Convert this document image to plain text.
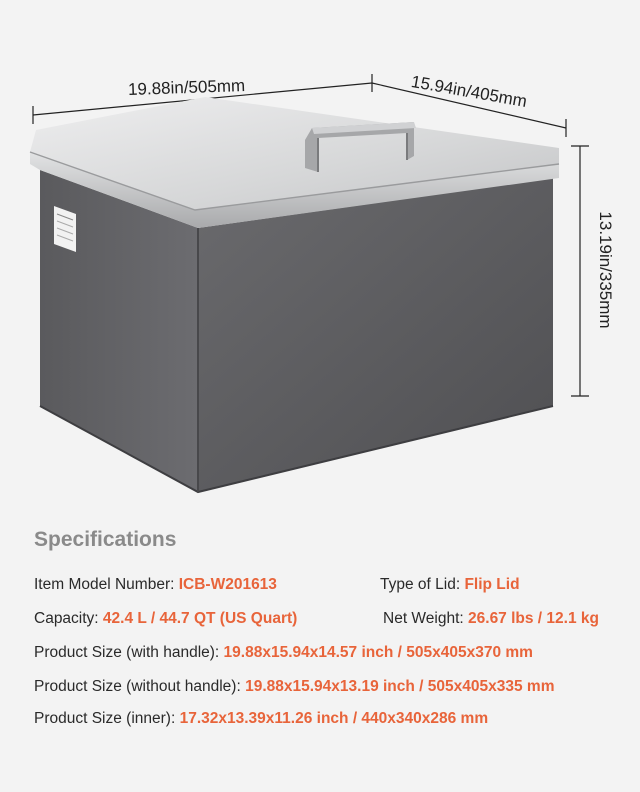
19.88in/505mm	15.94in/405mm
13.19in/335mm
Specifications
Item Model Number: ICB-W201613	Type of Lid: Flip Lid
Capacity: 42.4 L / 44.7 QT (US Quart)	Net Weight: 26.67 lbs / 12.1 kg
Product Size (with handle): 19.88x15.94x14.57 inch / 505x405x370 mm
Product Size (without handle): 19.88x15.94x13.19 inch / 505x405x335 mm
Product Size (inner): 17.32x13.39x11.26 inch / 440x340x286 mm
